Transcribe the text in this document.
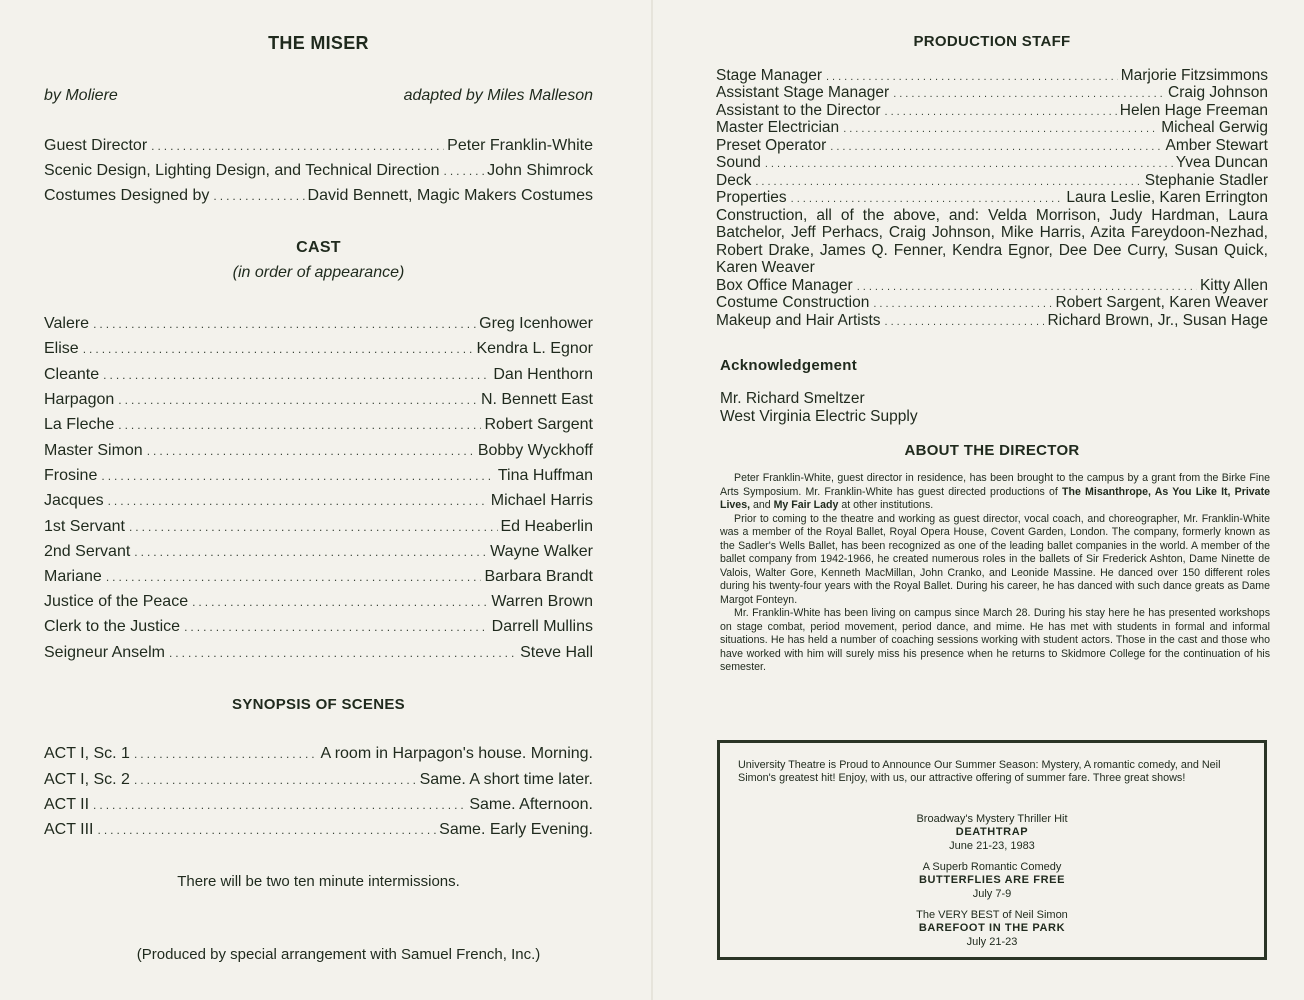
THE MISER
by Moliere	adapted by Miles Malleson
Guest Director .....	Peter Franklin-White
Scenic Design, Lighting Design, and Technical Direction .....	John Shimrock
Costumes Designed by .....	David Bennett, Magic Makers Costumes
CAST
(in order of appearance)
Valere .....	Greg Icenhower
Elise .....	Kendra L. Egnor
Cleante .....	Dan Henthorn
Harpagon .....	N. Bennett East
La Fleche .....	Robert Sargent
Master Simon .....	Bobby Wyckhoff
Frosine .....	Tina Huffman
Jacques .....	Michael Harris
1st Servant .....	Ed Heaberlin
2nd Servant .....	Wayne Walker
Mariane .....	Barbara Brandt
Justice of the Peace .....	Warren Brown
Clerk to the Justice .....	Darrell Mullins
Seigneur Anselm .....	Steve Hall
SYNOPSIS OF SCENES
ACT I, Sc. 1 .....	A room in Harpagon's house. Morning.
ACT I, Sc. 2 .....	Same. A short time later.
ACT II .....	Same. Afternoon.
ACT III .....	Same. Early Evening.
There will be two ten minute intermissions.
(Produced by special arrangement with Samuel French, Inc.)
PRODUCTION STAFF
Stage Manager .....	Marjorie Fitzsimmons
Assistant Stage Manager .....	Craig Johnson
Assistant to the Director .....	Helen Hage Freeman
Master Electrician .....	Micheal Gerwig
Preset Operator .....	Amber Stewart
Sound .....	Yvea Duncan
Deck .....	Stephanie Stadler
Properties .....	Laura Leslie, Karen Errington
Construction, all of the above, and: Velda Morrison, Judy Hardman, Laura Batchelor, Jeff Perhacs, Craig Johnson, Mike Harris, Azita Fareydoon-Nezhad, Robert Drake, James Q. Fenner, Kendra Egnor, Dee Dee Curry, Susan Quick, Karen Weaver
Box Office Manager .....	Kitty Allen
Costume Construction .....	Robert Sargent, Karen Weaver
Makeup and Hair Artists .....	Richard Brown, Jr., Susan Hage
Acknowledgement
Mr. Richard Smeltzer
West Virginia Electric Supply
ABOUT THE DIRECTOR

Peter Franklin-White, guest director in residence, has been brought to the campus by a grant from the Birke Fine Arts Symposium. Mr. Franklin-White has guest directed productions of The Misanthrope, As You Like It, Private Lives, and My Fair Lady at other institutions.

Prior to coming to the theatre and working as guest director, vocal coach, and choreographer, Mr. Franklin-White was a member of the Royal Ballet, Royal Opera House, Covent Garden, London. The company, formerly known as the Sadler's Wells Ballet, has been recognized as one of the leading ballet companies in the world. A member of the ballet company from 1942-1966, he created numerous roles in the ballets of Sir Frederick Ashton, Dame Ninette de Valois, Walter Gore, Kenneth MacMillan, John Cranko, and Leonide Massine. He danced over 150 different roles during his twenty-four years with the Royal Ballet. During his career, he has danced with such dance greats as Dame Margot Fonteyn.

Mr. Franklin-White has been living on campus since March 28. During his stay here he has presented workshops on stage combat, period movement, period dance, and mime. He has met with students in formal and informal situations. He has held a number of coaching sessions working with student actors. Those in the cast and those who have worked with him will surely miss his presence when he returns to Skidmore College for the continuation of his semester.

University Theatre is Proud to Announce Our Summer Season: Mystery, A romantic comedy, and Neil Simon's greatest hit! Enjoy, with us, our attractive offering of summer fare. Three great shows!
Broadway's Mystery Thriller Hit
DEATHTRAP
June 21-23, 1983
A Superb Romantic Comedy
BUTTERFLIES ARE FREE
July 7-9
The VERY BEST of Neil Simon
BAREFOOT IN THE PARK
July 21-23
